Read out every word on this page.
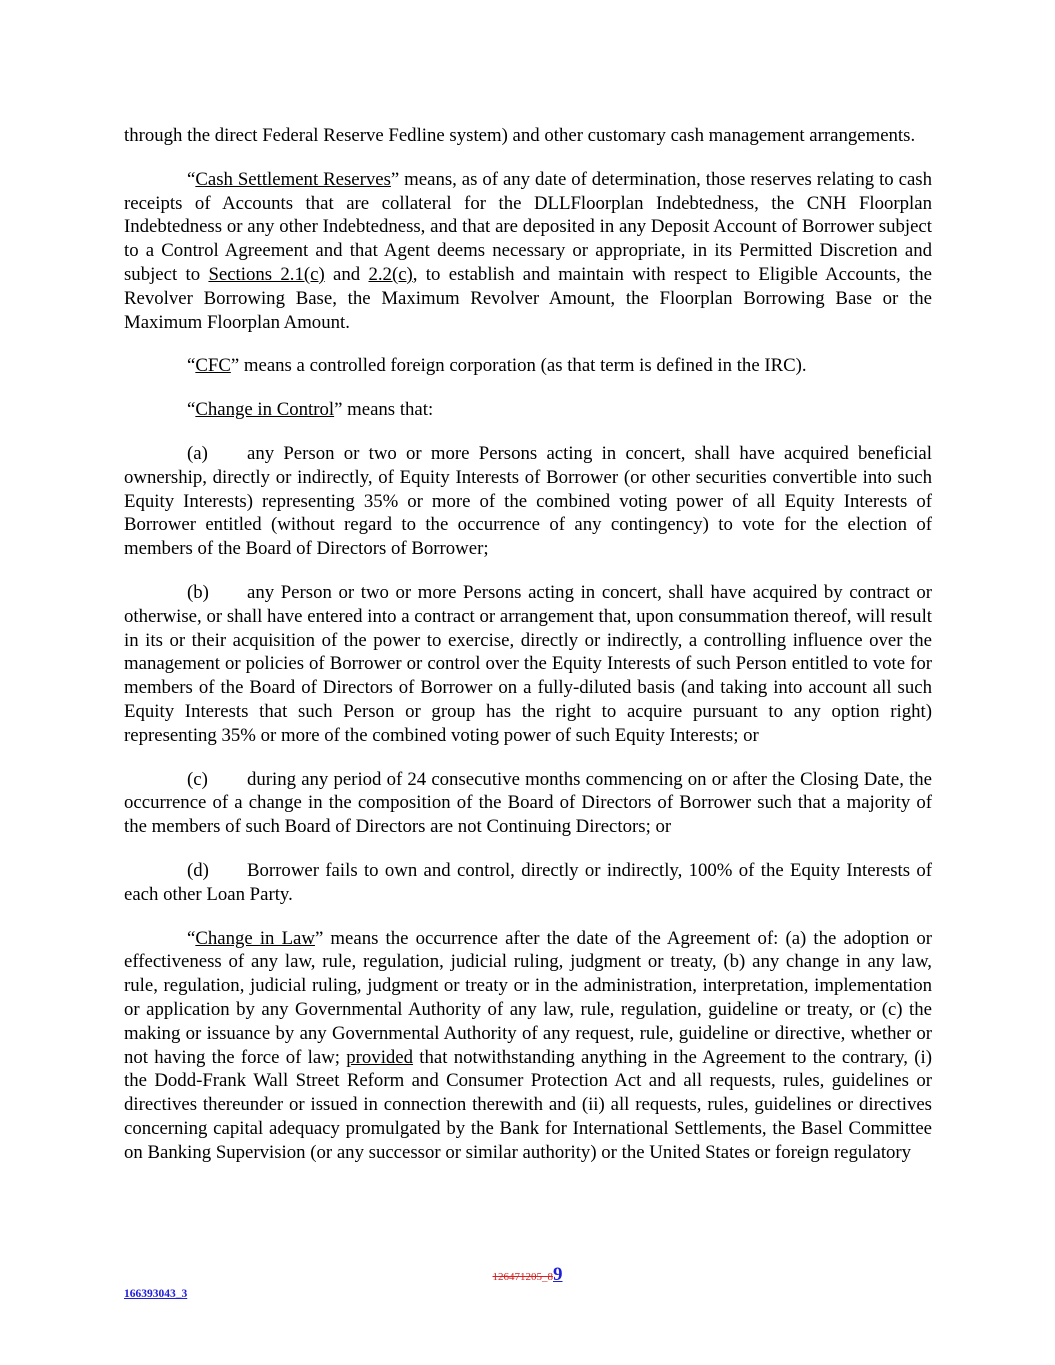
through the direct Federal Reserve Fedline system) and other customary cash management arrangements.

“Cash Settlement Reserves” means, as of any date of determination, those reserves relating to cash receipts of Accounts that are collateral for the DLLFloorplan Indebtedness, the CNH Floorplan Indebtedness or any other Indebtedness, and that are deposited in any Deposit Account of Borrower subject to a Control Agreement and that Agent deems necessary or appropriate, in its Permitted Discretion and subject to Sections 2.1(c) and 2.2(c), to establish and maintain with respect to Eligible Accounts, the Revolver Borrowing Base, the Maximum Revolver Amount, the Floorplan Borrowing Base or the Maximum Floorplan Amount.

“CFC” means a controlled foreign corporation (as that term is defined in the IRC).

“Change in Control” means that:

(a) any Person or two or more Persons acting in concert, shall have acquired beneficial ownership, directly or indirectly, of Equity Interests of Borrower (or other securities convertible into such Equity Interests) representing 35% or more of the combined voting power of all Equity Interests of Borrower entitled (without regard to the occurrence of any contingency) to vote for the election of members of the Board of Directors of Borrower;

(b) any Person or two or more Persons acting in concert, shall have acquired by contract or otherwise, or shall have entered into a contract or arrangement that, upon consummation thereof, will result in its or their acquisition of the power to exercise, directly or indirectly, a controlling influence over the management or policies of Borrower or control over the Equity Interests of such Person entitled to vote for members of the Board of Directors of Borrower on a fully-diluted basis (and taking into account all such Equity Interests that such Person or group has the right to acquire pursuant to any option right) representing 35% or more of the combined voting power of such Equity Interests; or

(c) during any period of 24 consecutive months commencing on or after the Closing Date, the occurrence of a change in the composition of the Board of Directors of Borrower such that a majority of the members of such Board of Directors are not Continuing Directors; or

(d) Borrower fails to own and control, directly or indirectly, 100% of the Equity Interests of each other Loan Party.

“Change in Law” means the occurrence after the date of the Agreement of: (a) the adoption or effectiveness of any law, rule, regulation, judicial ruling, judgment or treaty, (b) any change in any law, rule, regulation, judicial ruling, judgment or treaty or in the administration, interpretation, implementation or application by any Governmental Authority of any law, rule, regulation, guideline or treaty, or (c) the making or issuance by any Governmental Authority of any request, rule, guideline or directive, whether or not having the force of law; provided that notwithstanding anything in the Agreement to the contrary, (i) the Dodd-Frank Wall Street Reform and Consumer Protection Act and all requests, rules, guidelines or directives thereunder or issued in connection therewith and (ii) all requests, rules, guidelines or directives concerning capital adequacy promulgated by the Bank for International Settlements, the Basel Committee on Banking Supervision (or any successor or similar authority) or the United States or foreign regulatory

126471205_89
166393043_3
